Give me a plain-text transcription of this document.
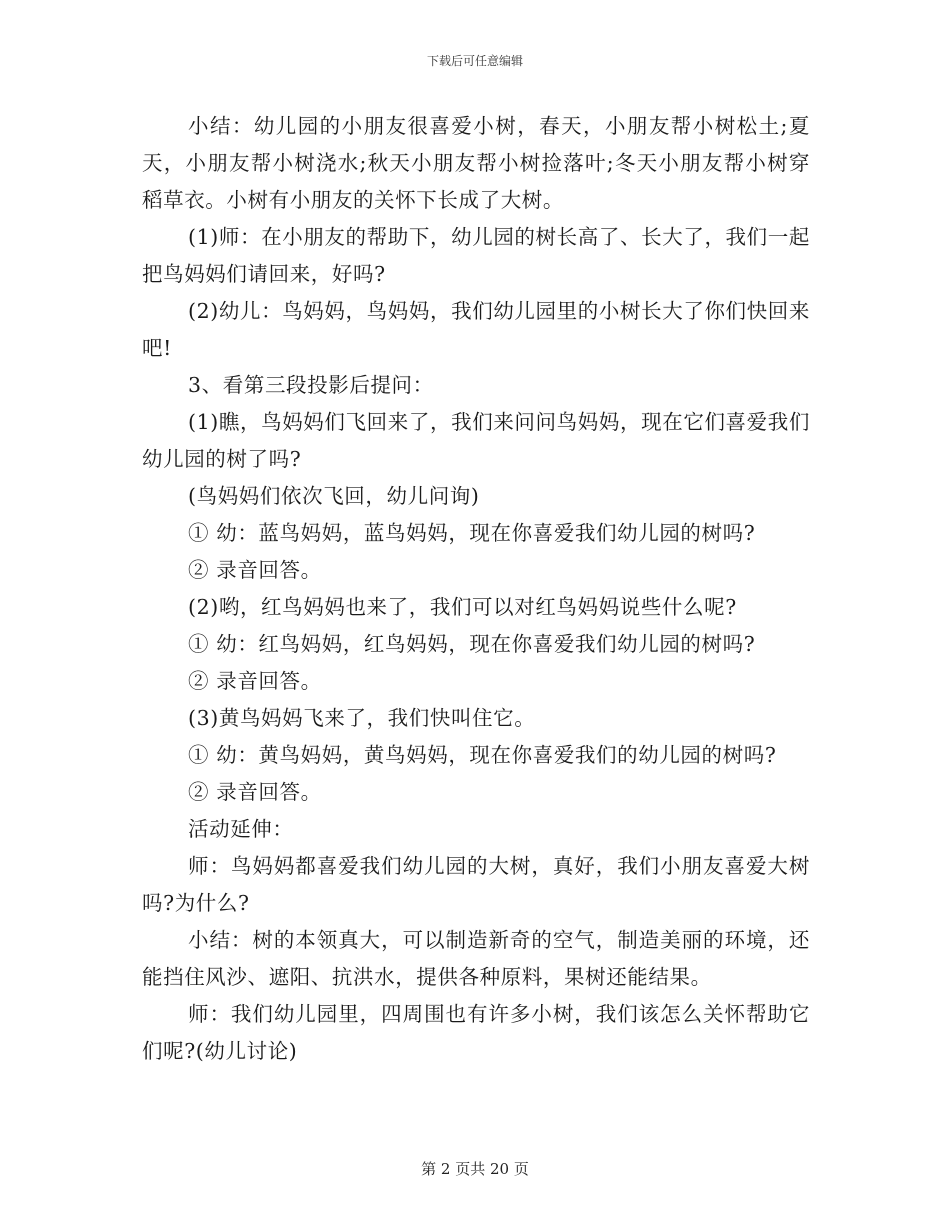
下载后可任意编辑

小结：幼儿园的小朋友很喜爱小树，春天，小朋友帮小树松土;夏天，小朋友帮小树浇水;秋天小朋友帮小树捡落叶;冬天小朋友帮小树穿稻草衣。小树有小朋友的关怀下长成了大树。

(1)师：在小朋友的帮助下，幼儿园的树长高了、长大了，我们一起把鸟妈妈们请回来，好吗?

(2)幼儿：鸟妈妈，鸟妈妈，我们幼儿园里的小树长大了你们快回来吧!

3、看第三段投影后提问：

(1)瞧，鸟妈妈们飞回来了，我们来问问鸟妈妈，现在它们喜爱我们幼儿园的树了吗?

(鸟妈妈们依次飞回，幼儿问询)

① 幼：蓝鸟妈妈，蓝鸟妈妈，现在你喜爱我们幼儿园的树吗?

② 录音回答。

(2)哟，红鸟妈妈也来了，我们可以对红鸟妈妈说些什么呢?

① 幼：红鸟妈妈，红鸟妈妈，现在你喜爱我们幼儿园的树吗?

② 录音回答。

(3)黄鸟妈妈飞来了，我们快叫住它。

① 幼：黄鸟妈妈，黄鸟妈妈，现在你喜爱我们的幼儿园的树吗?

② 录音回答。

活动延伸：

师：鸟妈妈都喜爱我们幼儿园的大树，真好，我们小朋友喜爱大树吗?为什么?

小结：树的本领真大，可以制造新奇的空气，制造美丽的环境，还能挡住风沙、遮阳、抗洪水，提供各种原料，果树还能结果。

师：我们幼儿园里，四周围也有许多小树，我们该怎么关怀帮助它们呢?(幼儿讨论)

第 2 页共 20 页
